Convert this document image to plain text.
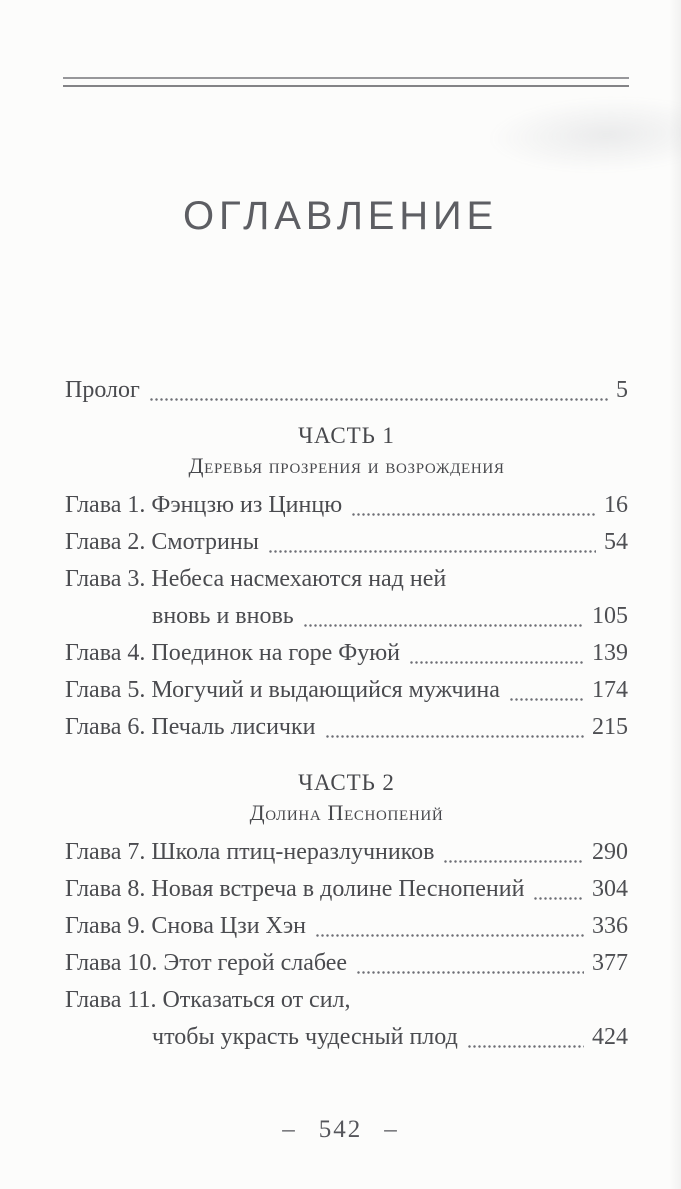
ОГЛАВЛЕНИЕ
Пролог	5
ЧАСТЬ 1
Деревья прозрения и возрождения
Глава 1. Фэнцзю из Цинцю	16
Глава 2. Смотрины	54
Глава 3. Небеса насмехаются над ней
вновь и вновь	105
Глава 4. Поединок на горе Фуюй	139
Глава 5. Могучий и выдающийся мужчина	174
Глава 6. Печаль лисички	215
ЧАСТЬ 2
Долина Песнопений
Глава 7. Школа птиц-неразлучников	290
Глава 8. Новая встреча в долине Песнопений	304
Глава 9. Снова Цзи Хэн	336
Глава 10. Этот герой слабее	377
Глава 11. Отказаться от сил,
чтобы украсть чудесный плод	424
– 542 –
